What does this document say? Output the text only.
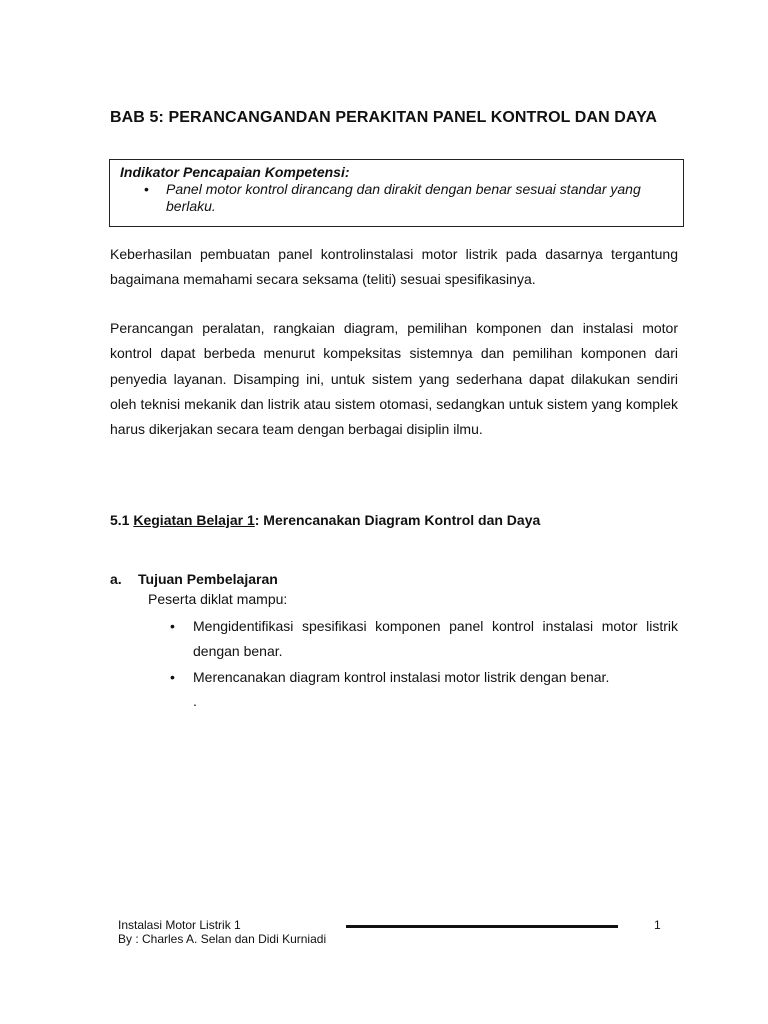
BAB 5: PERANCANGANDAN PERAKITAN PANEL KONTROL DAN DAYA
Indikator Pencapaian Kompetensi:
• Panel motor kontrol dirancang dan dirakit dengan benar sesuai standar yang berlaku.

Keberhasilan pembuatan panel kontrolinstalasi motor listrik pada dasarnya tergantung bagaimana memahami secara seksama (teliti) sesuai spesifikasinya.

Perancangan peralatan, rangkaian diagram, pemilihan komponen dan instalasi motor kontrol dapat berbeda menurut kompeksitas sistemnya dan pemilihan komponen dari penyedia layanan. Disamping ini, untuk sistem yang sederhana dapat dilakukan sendiri oleh teknisi mekanik dan listrik atau sistem otomasi, sedangkan untuk sistem yang komplek harus dikerjakan secara team dengan berbagai disiplin ilmu.

5.1 Kegiatan Belajar 1: Merencanakan Diagram Kontrol dan Daya
a. Tujuan Pembelajaran
Peserta diklat mampu:
• Mengidentifikasi spesifikasi komponen panel kontrol instalasi motor listrik dengan benar.
• Merencanakan diagram kontrol instalasi motor listrik dengan benar.
.
Instalasi Motor Listrik 1
By : Charles A. Selan dan Didi Kurniadi
1
